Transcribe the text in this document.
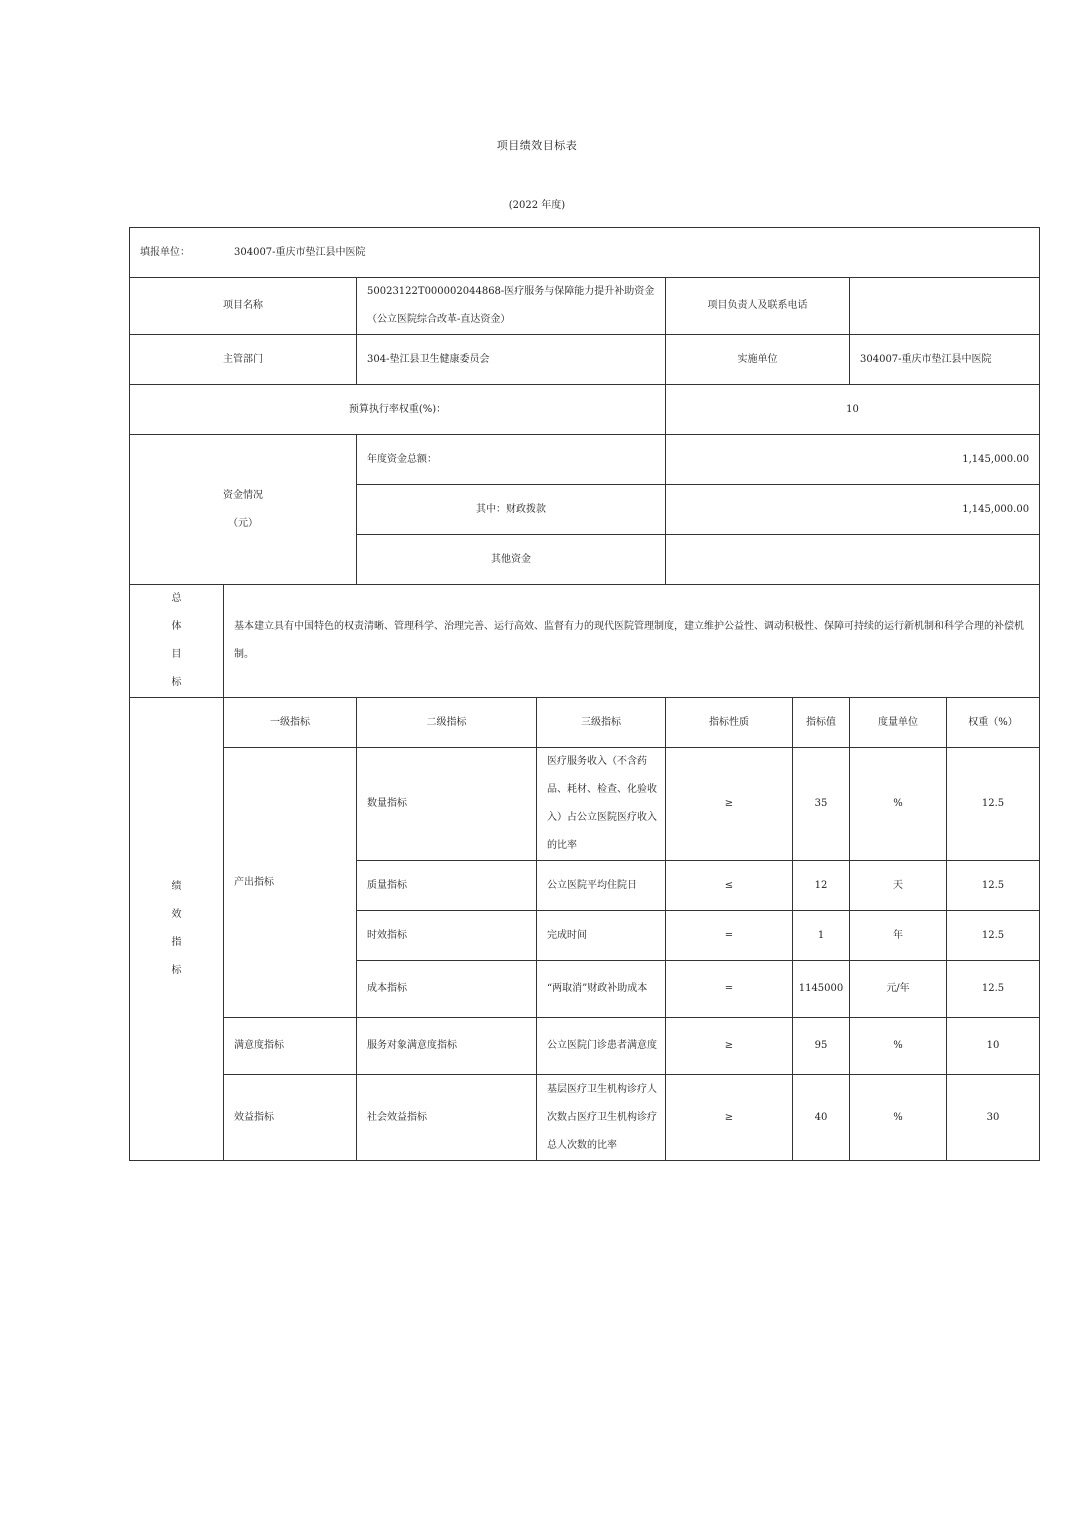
项目绩效目标表
(2022 年度)
填报单位： 304007-重庆市垫江县中医院							
项目名称		50023122T000002044868-医疗服务与保障能力提升补助资金（公立医院综合改革-直达资金）		项目负责人及联系电话			
主管部门		304-垫江县卫生健康委员会		实施单位		304007-重庆市垫江县中医院	
预算执行率权重(%)：				10			

资金情况
（元）		年度资金总额：		1,145,000.00			
		其中：财政拨款		1,145,000.00			
		其他资金					

总
体
目
标	基本建立具有中国特色的权责清晰、管理科学、治理完善、运行高效、监督有力的现代医院管理制度，建立维护公益性、调动积极性、保障可持续的运行新机制和科学合理的补偿机制。						

绩
效
指
标	一级指标	二级指标	三级指标	指标性质	指标值	度量单位	权重（%）
	产出指标	数量指标	医疗服务收入（不含药品、耗材、检查、化验收入）占公立医院医疗收入的比率	≥	35	%	12.5
		质量指标	公立医院平均住院日	≤	12	天	12.5
		时效指标	完成时间	=	1	年	12.5
		成本指标	“两取消”财政补助成本	=	1145000	元/年	12.5
	满意度指标	服务对象满意度指标	公立医院门诊患者满意度	≥	95	%	10
	效益指标	社会效益指标	基层医疗卫生机构诊疗人次数占医疗卫生机构诊疗总人次数的比率	≥	40	%	30
